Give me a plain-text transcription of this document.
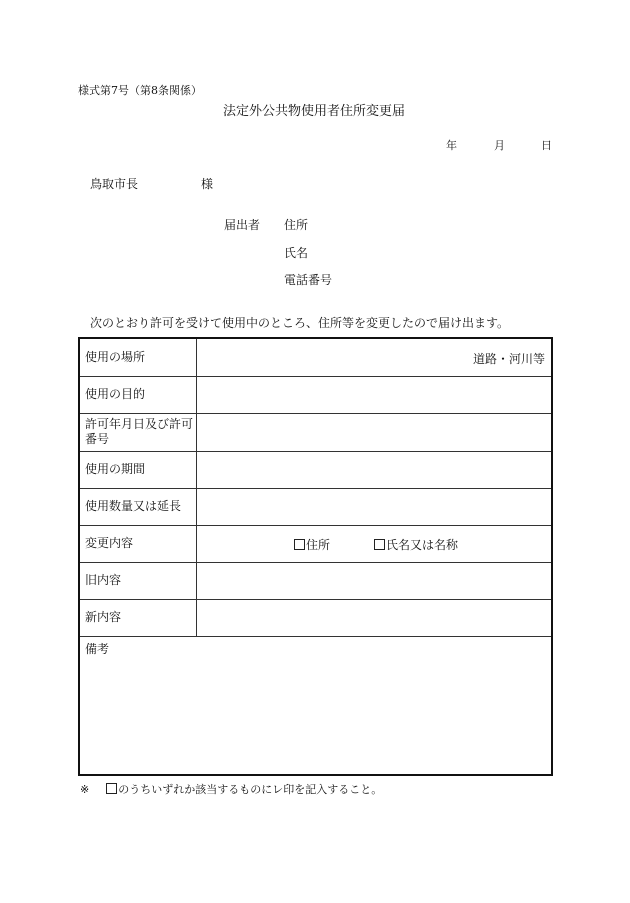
様式第7号（第8条関係）
法定外公共物使用者住所変更届
年	月	日
鳥取市長	様
届出者 住所
氏名
電話番号
次のとおり許可を受けて使用中のところ、住所等を変更したので届け出ます。
使用の場所	道路・河川等
使用の目的
許可年月日及び許可
番号
使用の期間
使用数量又は延長
変更内容	住所	氏名又は名称
旧内容
新内容
備考
※	のうちいずれか該当するものにレ印を記入すること。
